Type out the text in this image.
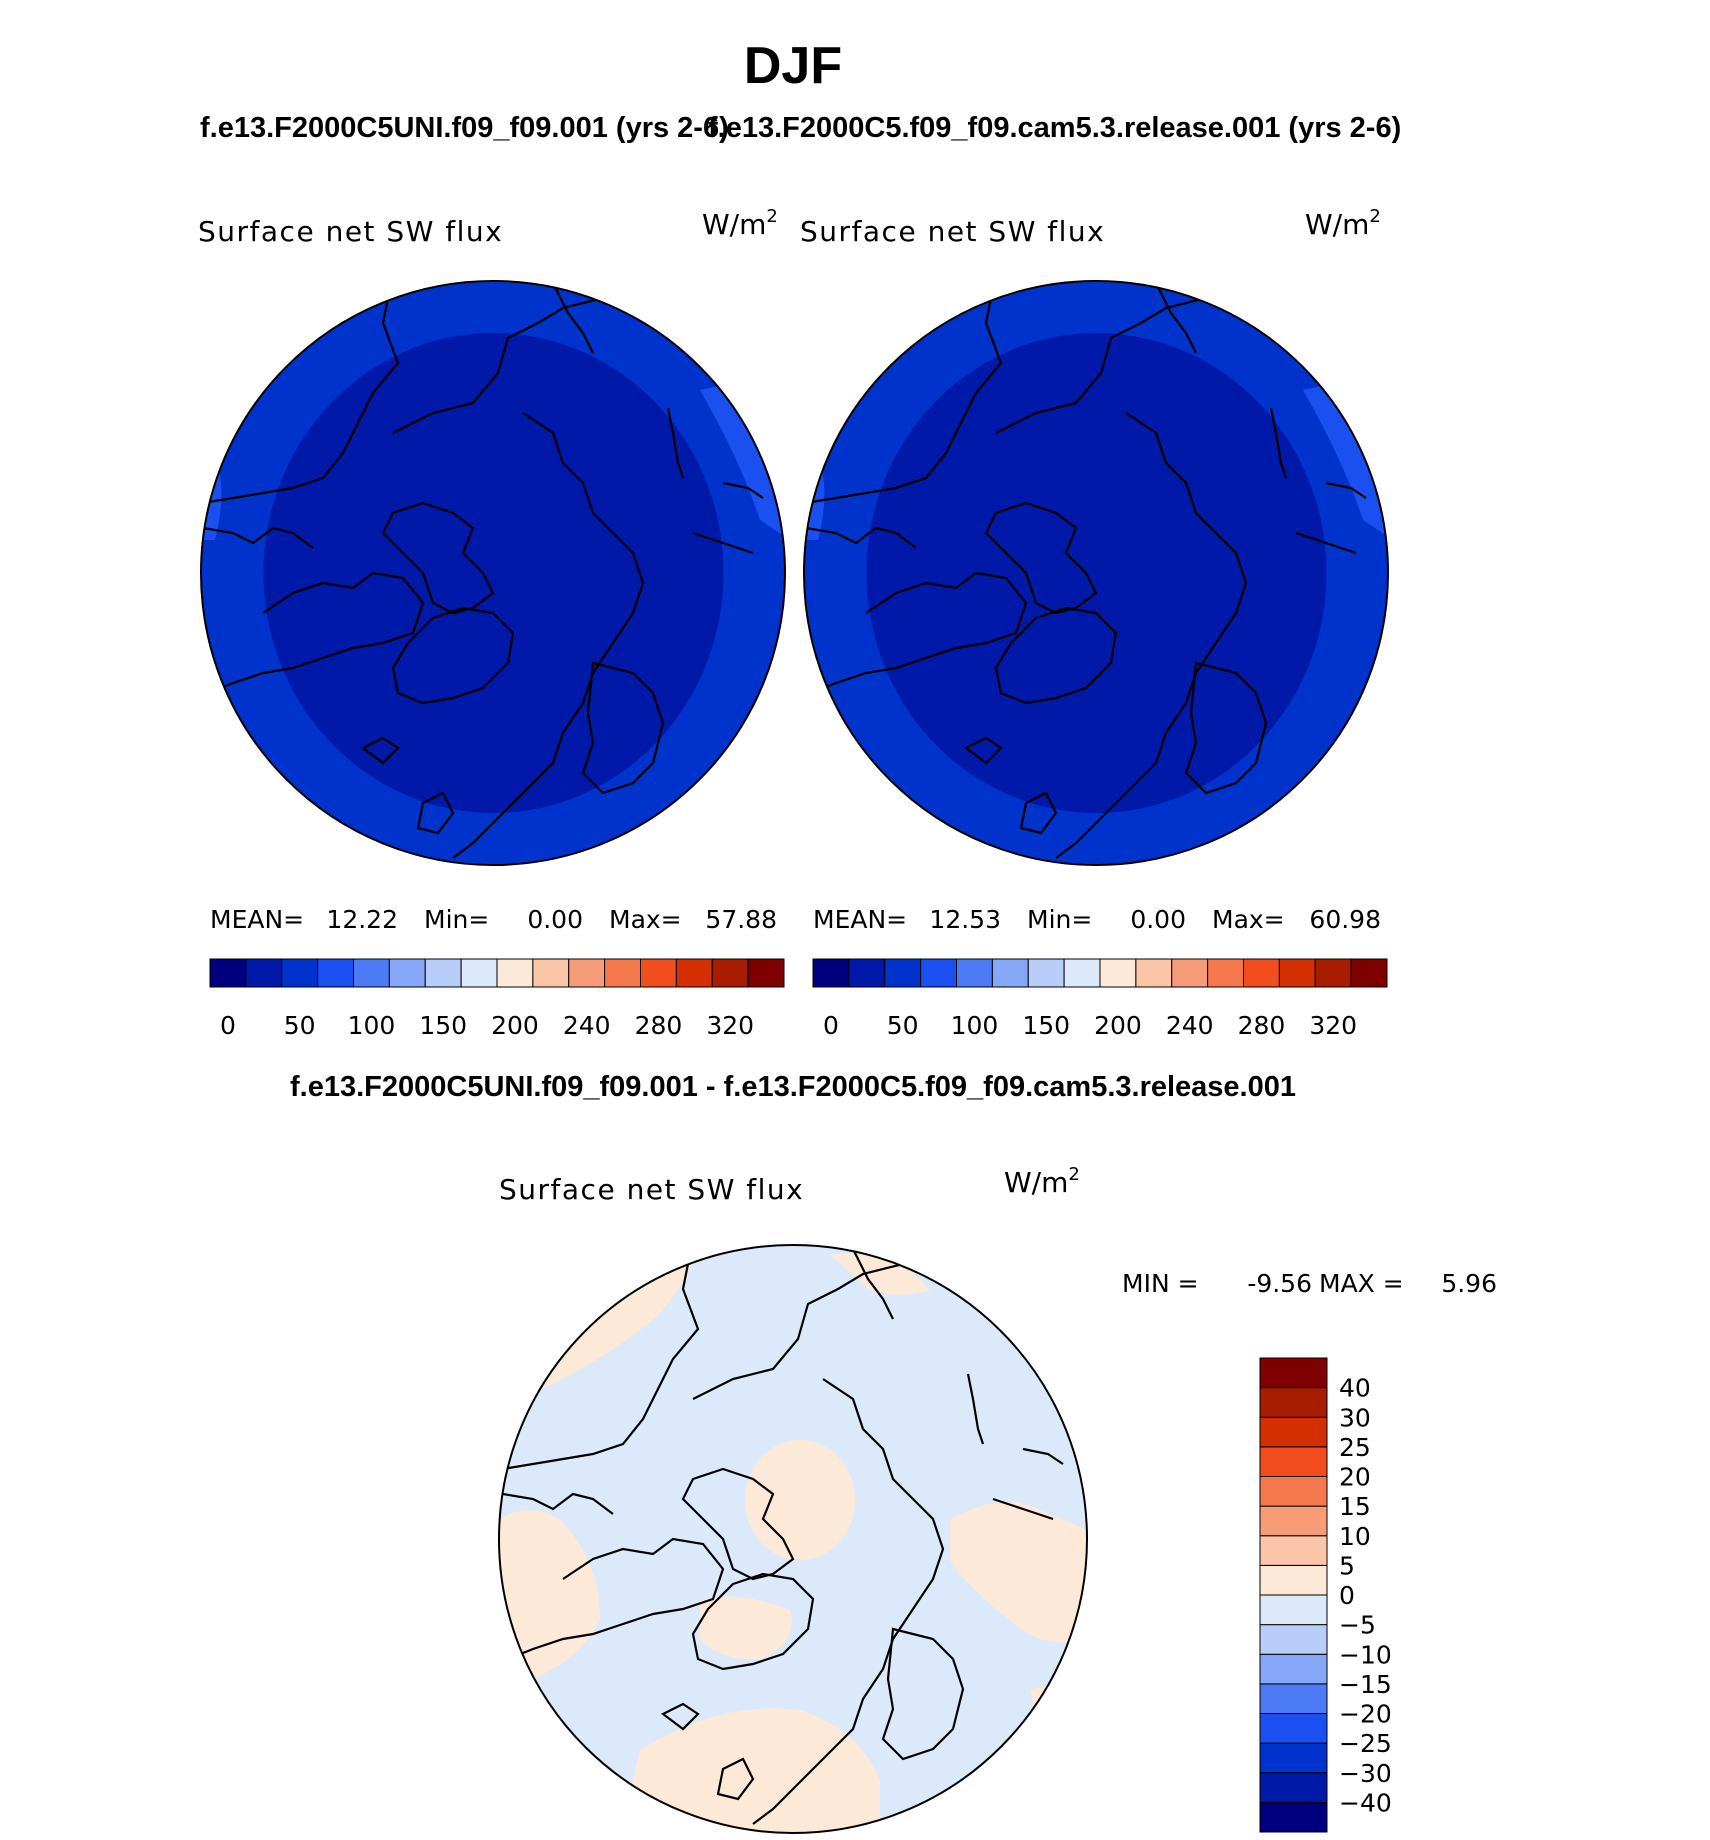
DJF
f.e13.F2000C5UNI.f09_f09.001 (yrs 2-6)
f.e13.F2000C5.f09_f09.cam5.3.release.001 (yrs 2-6)
f.e13.F2000C5UNI.f09_f09.001 - f.e13.F2000C5.f09_f09.cam5.3.release.001
Surface net SW flux	$W/m^2$
MEAN= 12.22 Min= 0.00 Max= 57.88
0 50 100 150 200 240 280 320
Surface net SW flux	$W/m^2$
MEAN= 12.53 Min= 0.00 Max= 60.98
0 50 100 150 200 240 280 320
Surface net SW flux	$W/m^2$
MIN = -9.56 MAX = 5.96
−40
−30
−25
−20
−15
−10
−5
0
5
10
15
20
25
30
40
